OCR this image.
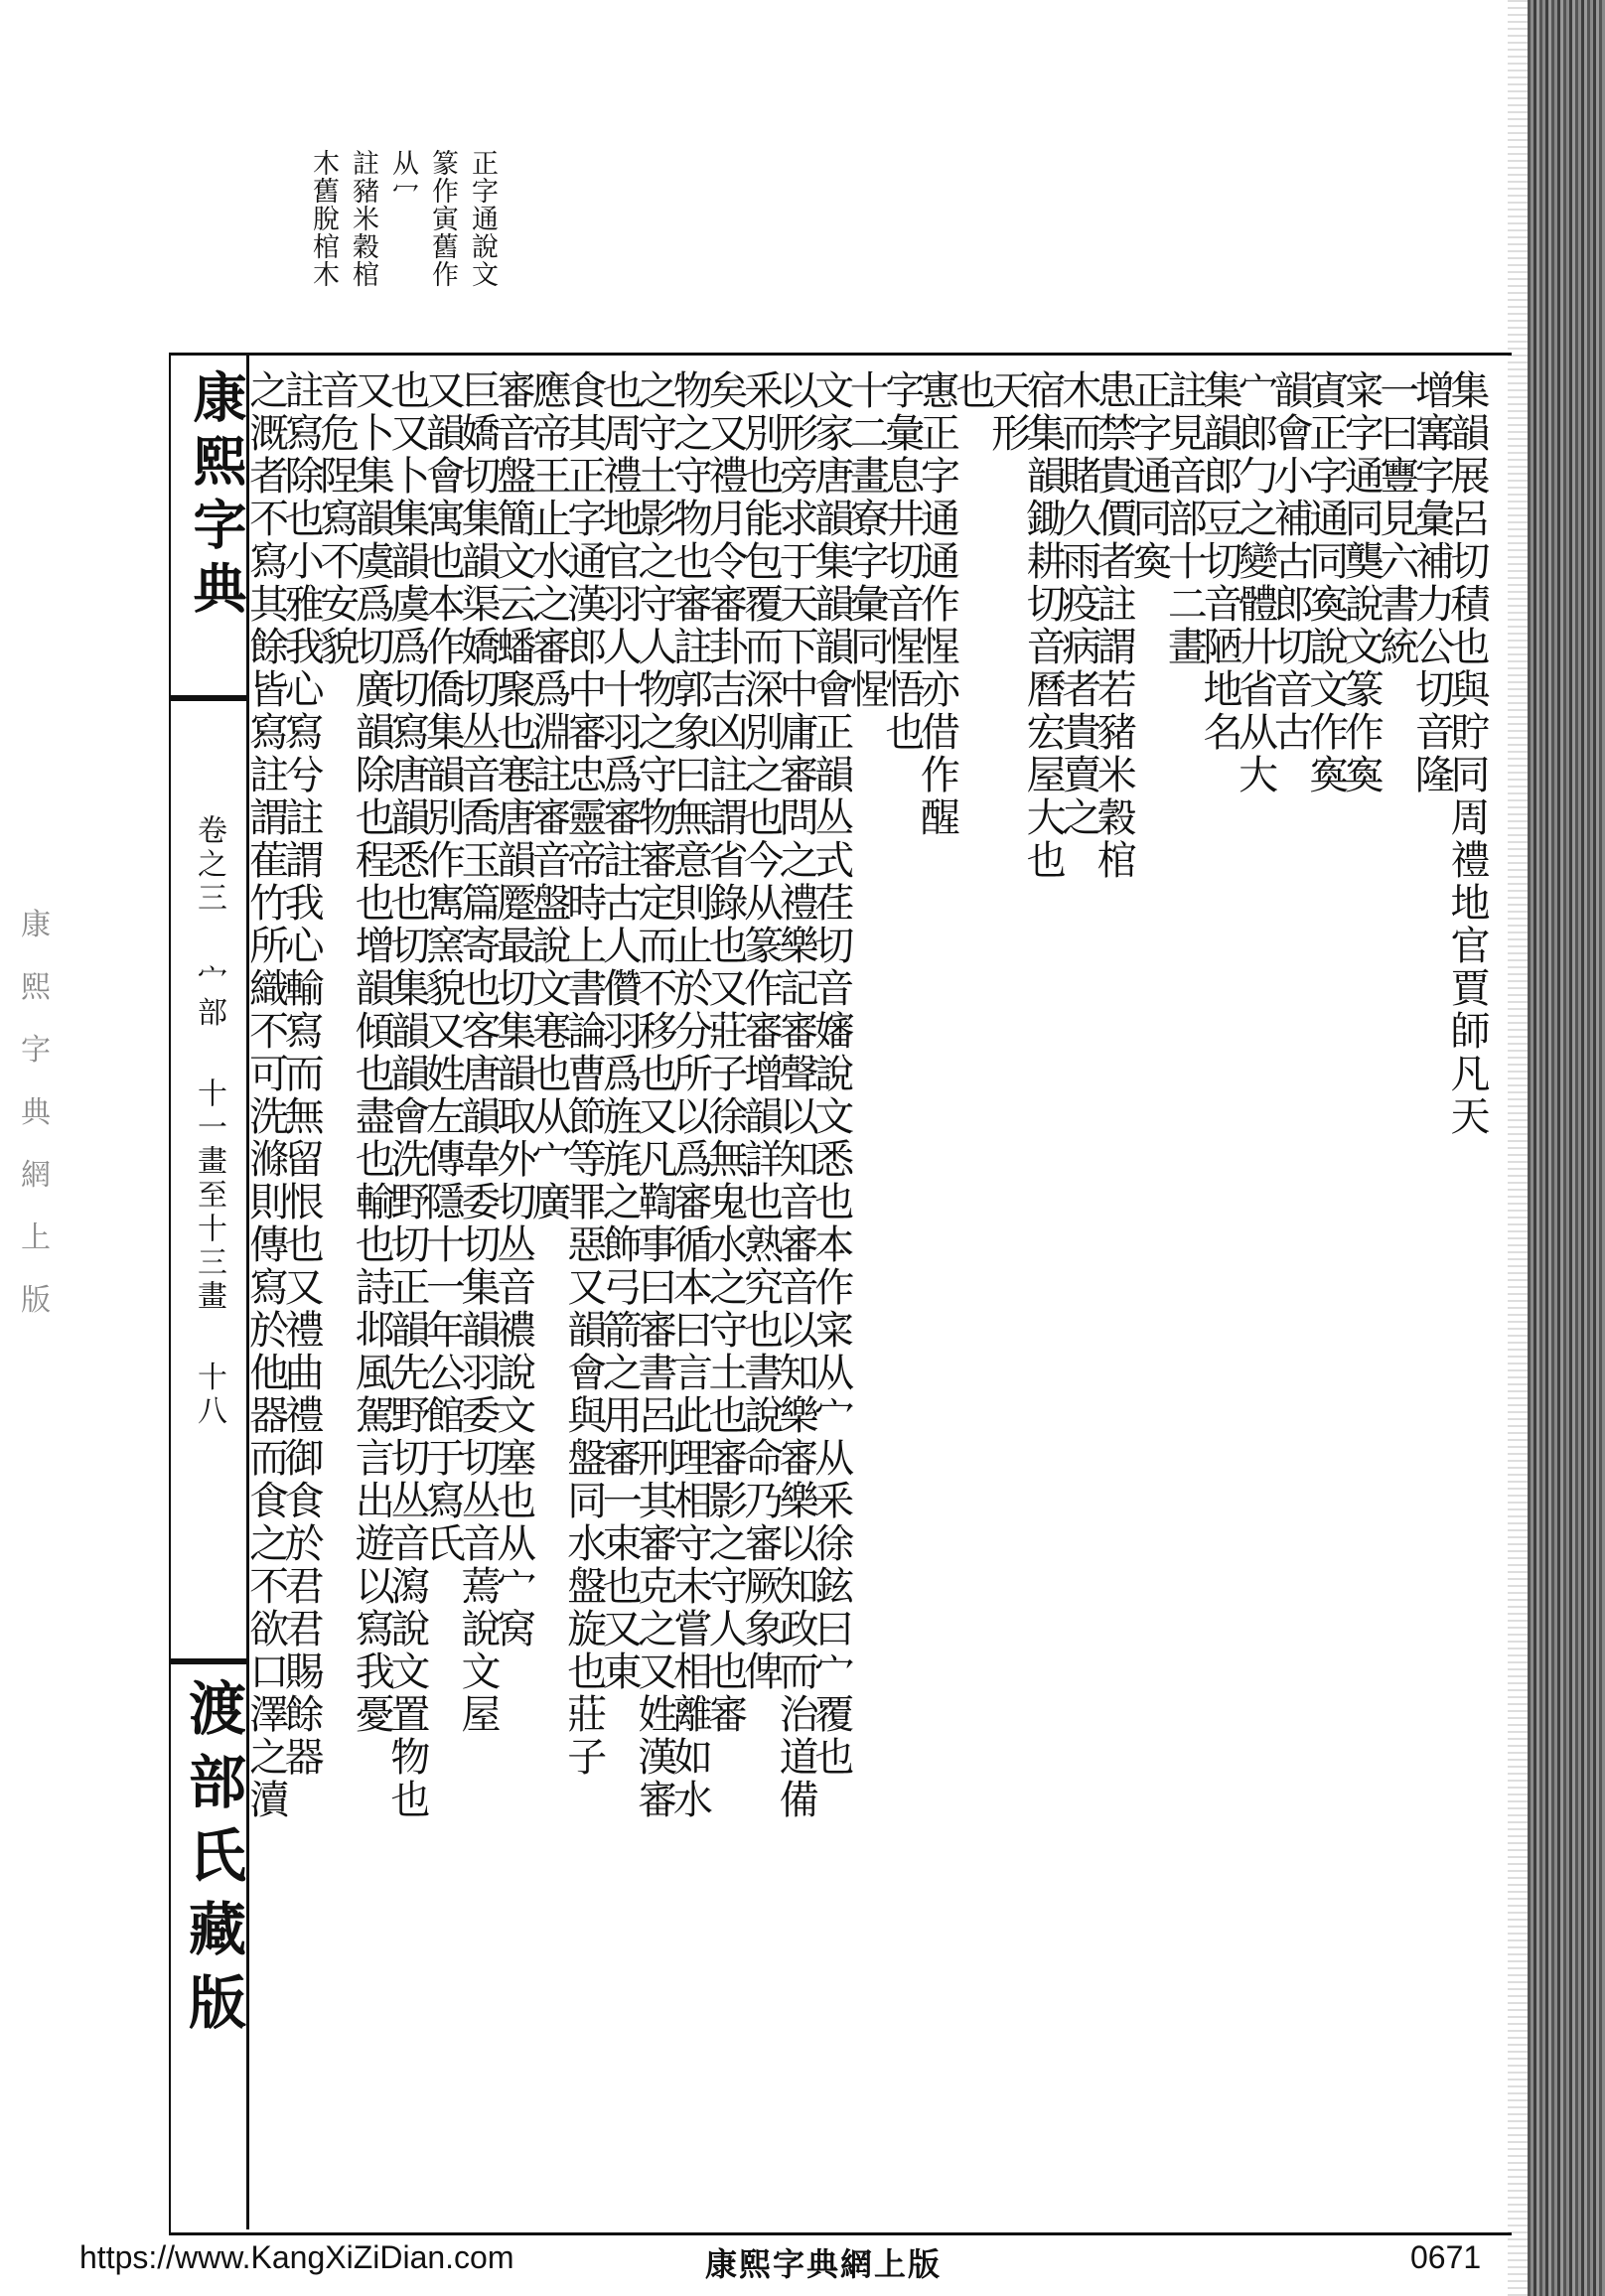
正字通說文
篆作寅舊作
从冖
註豬米穀棺
木舊脫棺木
康熙字典
卷之三　 宀部　 十一畫至十三畫　 十八
渡部氏藏版
集韻展呂切積也與貯同周禮地官賈師凡天
增㝤字彙補力公切音隆
一曰寷見六書統
寀字通同龑說文篆作寏
寊正字通同寏說文作寏
韻會小補古郎切音古
宀郎勹之變體廾省从大
集韻郎豆切音陋地名
註見音部十二畫
正字通同寏
患禁貴價者註謂若豬米穀棺
木而賭久雨疫病者貴賣之
宿集韻鋤耕切音曆宏屋大也
天形
也
寭正字通通作惺亦借作醒
字彙息井切音惺悟也
十二畫寮字彙同惺
文家唐韻集韻韻會正韻丛式荏切音嬸說文悉也本作寀从宀从釆徐鉉曰宀覆也
以形旁求于天下中庸審問之禮樂記審聲以知音審音以知樂審樂以知政而治道備
釆別也能包覆而深別之也今从篆作審增韻詳也熟究也書說命乃審厥象俾
矣又禮月令審卦吉凶註謂省錄也又莊子徐無鬼水之守土也審影之守人也審
物之守物也審註郭象曰無意則止於分所以爲審循本曰言此理相守未嘗相離如水
之守土影之守人物之守物審定而不移也又凡鞫事曰審書呂刑其審克之又姓漢審
也周禮地官羽人十羽爲審註古人儹羽爲旌旄之飾弓箭之用審一束也又東
食其正字通漢郎中審忠靈帝時上書論曹節等罪惡又韻會與盤同水盤旋也莊子
應帝王止水之審爲淵註審音盤說文寋也从宀廣
審音盤簡文云蟠聚也寋唐韻蹷最切集韻取外切丛音禯說文塞也从宀窝
巨嬌切集韻渠嬌切丛音喬玉篇寄也客唐韻韋委切集韻羽委切丛音蔫說文屋
又韻會寓也本作僑集韻別作寯窯貌又姓左傳隱十一年公館于寫氏
也又卜集韻虞爲切寫唐韻悉也切集韻韻會洗野切正韻先野切丛音瀉說文置物也
又卜集韻虞爲切廣韻除也程也增韻傾也盡也輸也詩邶風駕言出遊以寫我憂
音危陧寫不安貌
註寫除也小雅我心寫兮註謂我心輸寫而無留恨也又禮曲禮御食於君君賜餘器
之溉者不寫其餘皆寫註謂萑竹所織不可洗滌則傳寫於他器而食之不欲口澤之瀆
康
熙
字
典
網
上
版
https://www.KangXiZiDian.com	康熙字典網上版	0671
